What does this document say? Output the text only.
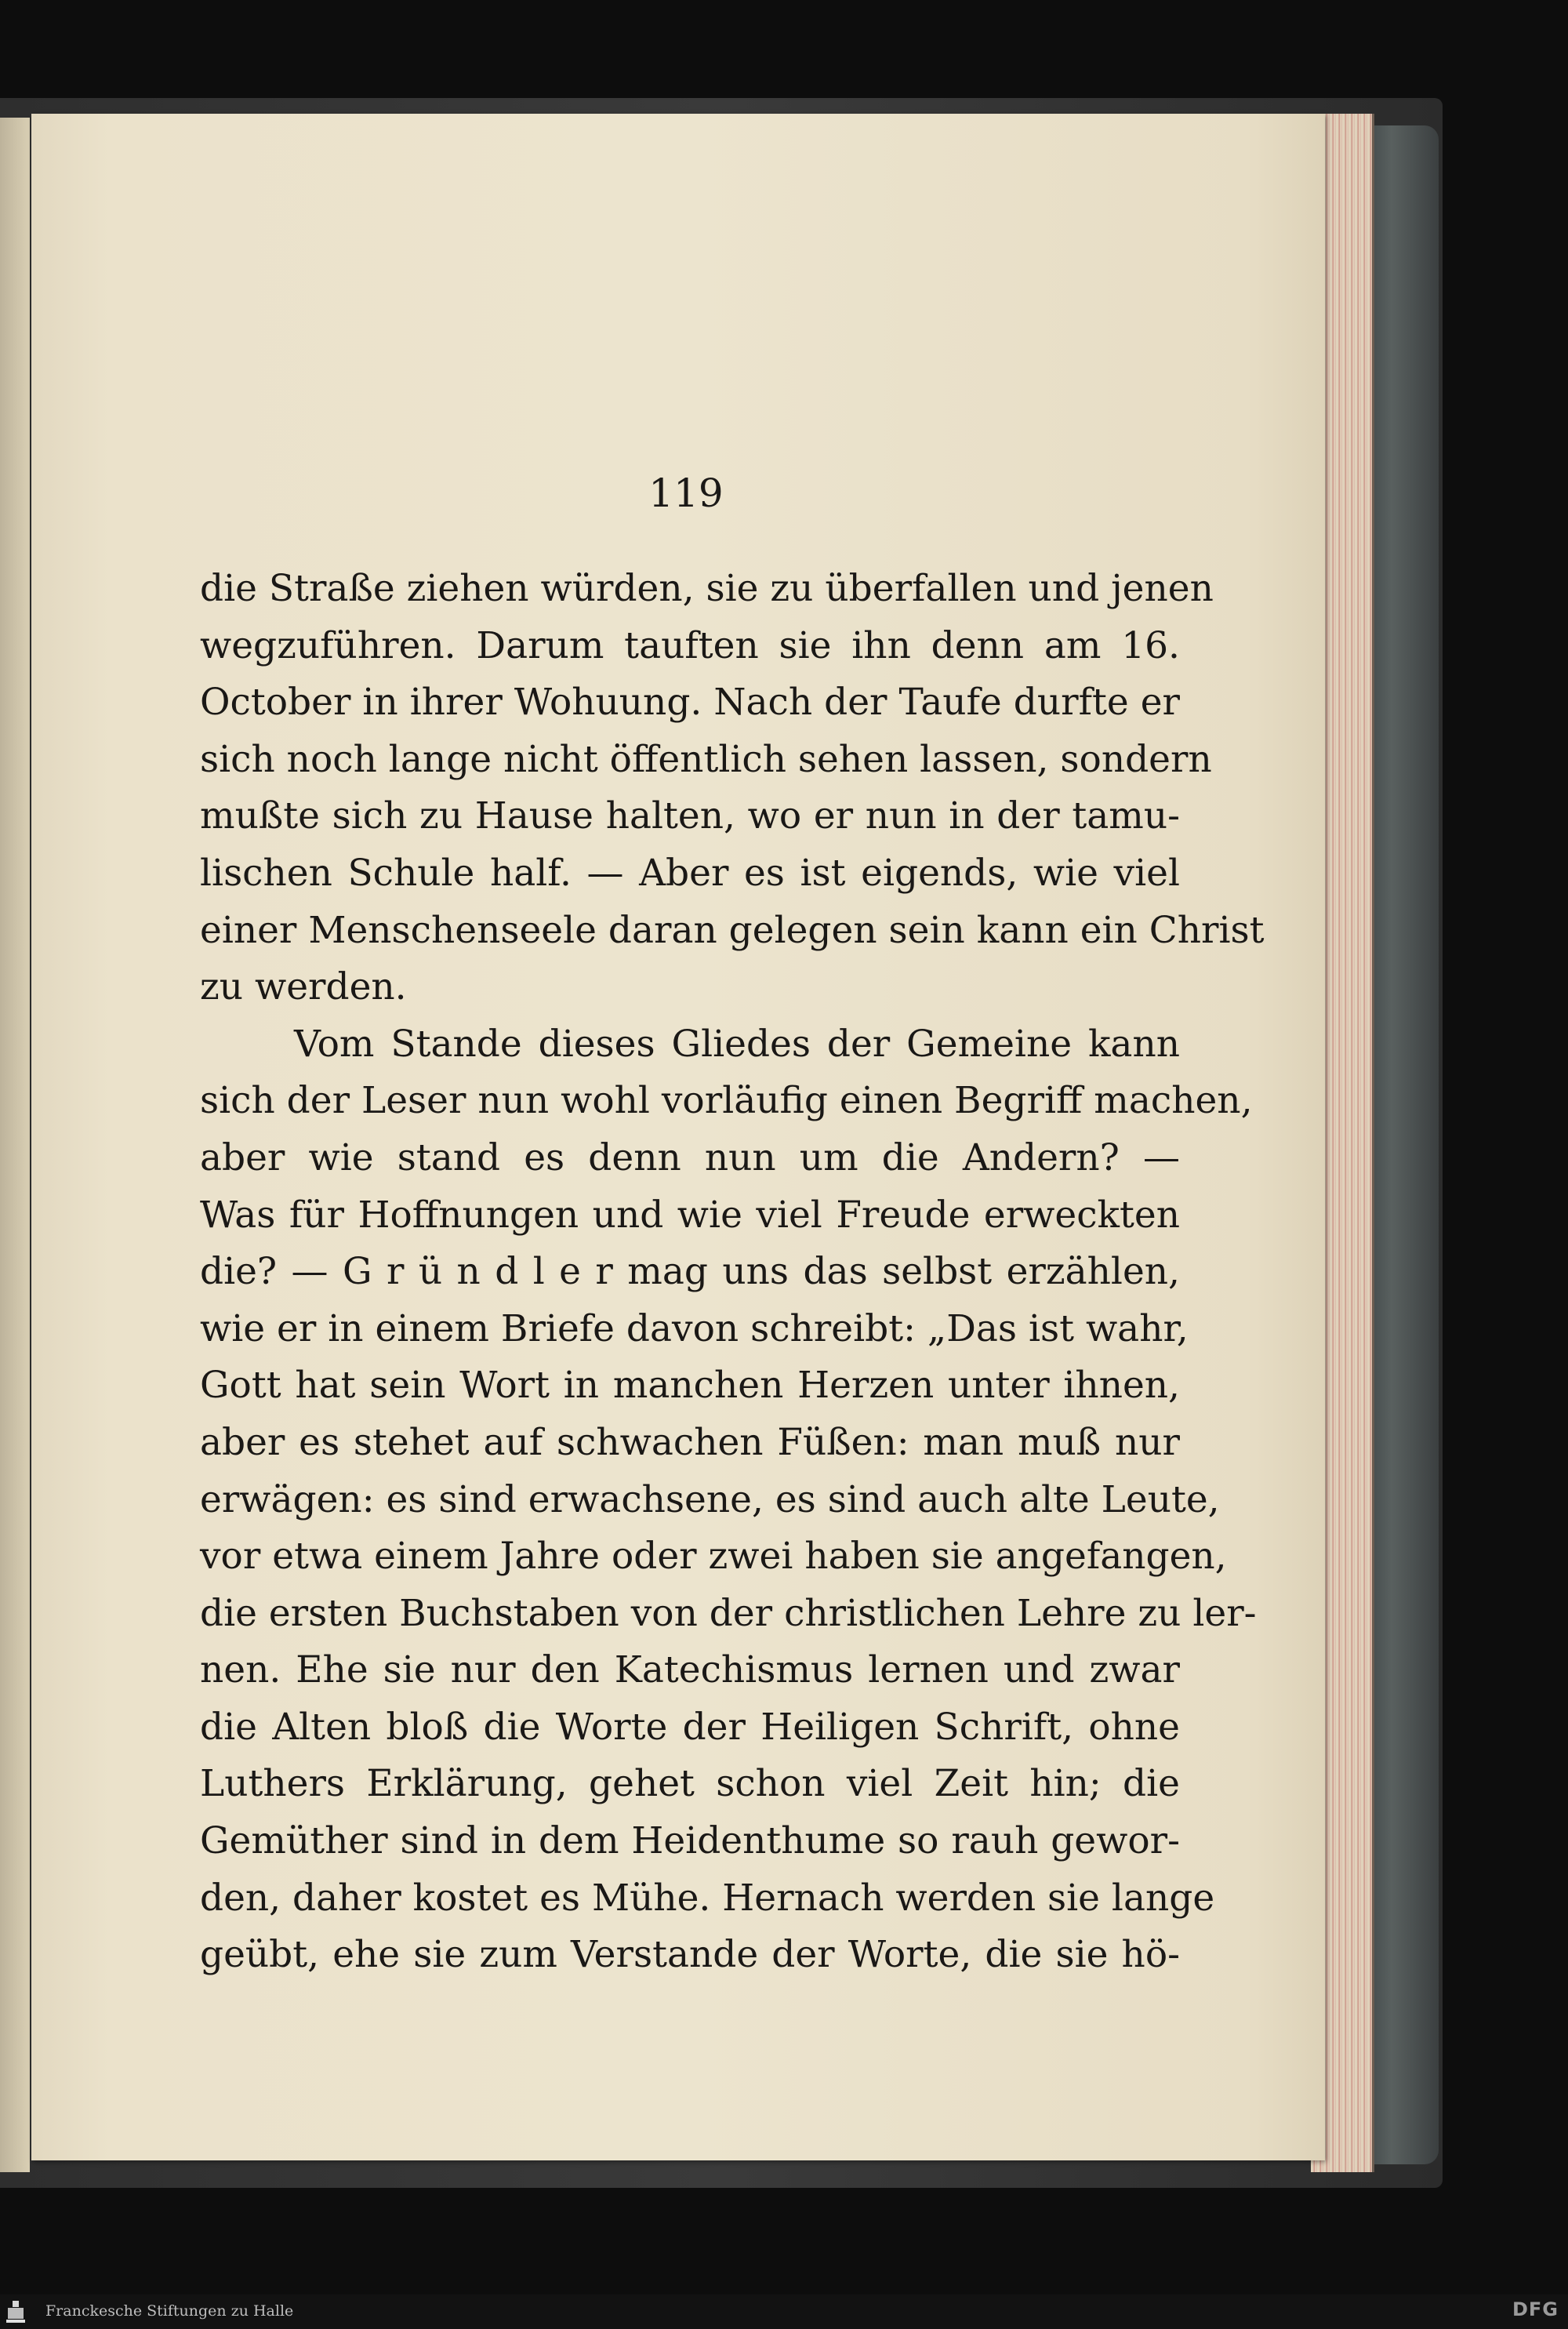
119
die Straße ziehen würden, sie zu überfallen und jenen
wegzuführen. Darum tauften sie ihn denn am 16.
October in ihrer Wohuung. Nach der Taufe durfte er
sich noch lange nicht öffentlich sehen lassen, sondern
mußte sich zu Hause halten, wo er nun in der tamu-
lischen Schule half. — Aber es ist eigends, wie viel
einer Menschenseele daran gelegen sein kann ein Christ
zu werden.
Vom Stande dieses Gliedes der Gemeine kann
sich der Leser nun wohl vorläufig einen Begriff machen,
aber wie stand es denn nun um die Andern? —
Was für Hoffnungen und wie viel Freude erweckten
die? — G r ü n d l e r mag uns das selbst erzählen,
wie er in einem Briefe davon schreibt: „Das ist wahr,
Gott hat sein Wort in manchen Herzen unter ihnen,
aber es stehet auf schwachen Füßen: man muß nur
erwägen: es sind erwachsene, es sind auch alte Leute,
vor etwa einem Jahre oder zwei haben sie angefangen,
die ersten Buchstaben von der christlichen Lehre zu ler-
nen. Ehe sie nur den Katechismus lernen und zwar
die Alten bloß die Worte der Heiligen Schrift, ohne
Luthers Erklärung, gehet schon viel Zeit hin; die
Gemüther sind in dem Heidenthume so rauh gewor-
den, daher kostet es Mühe. Hernach werden sie lange
geübt, ehe sie zum Verstande der Worte, die sie hö-
Franckesche Stiftungen zu Halle	DFG
